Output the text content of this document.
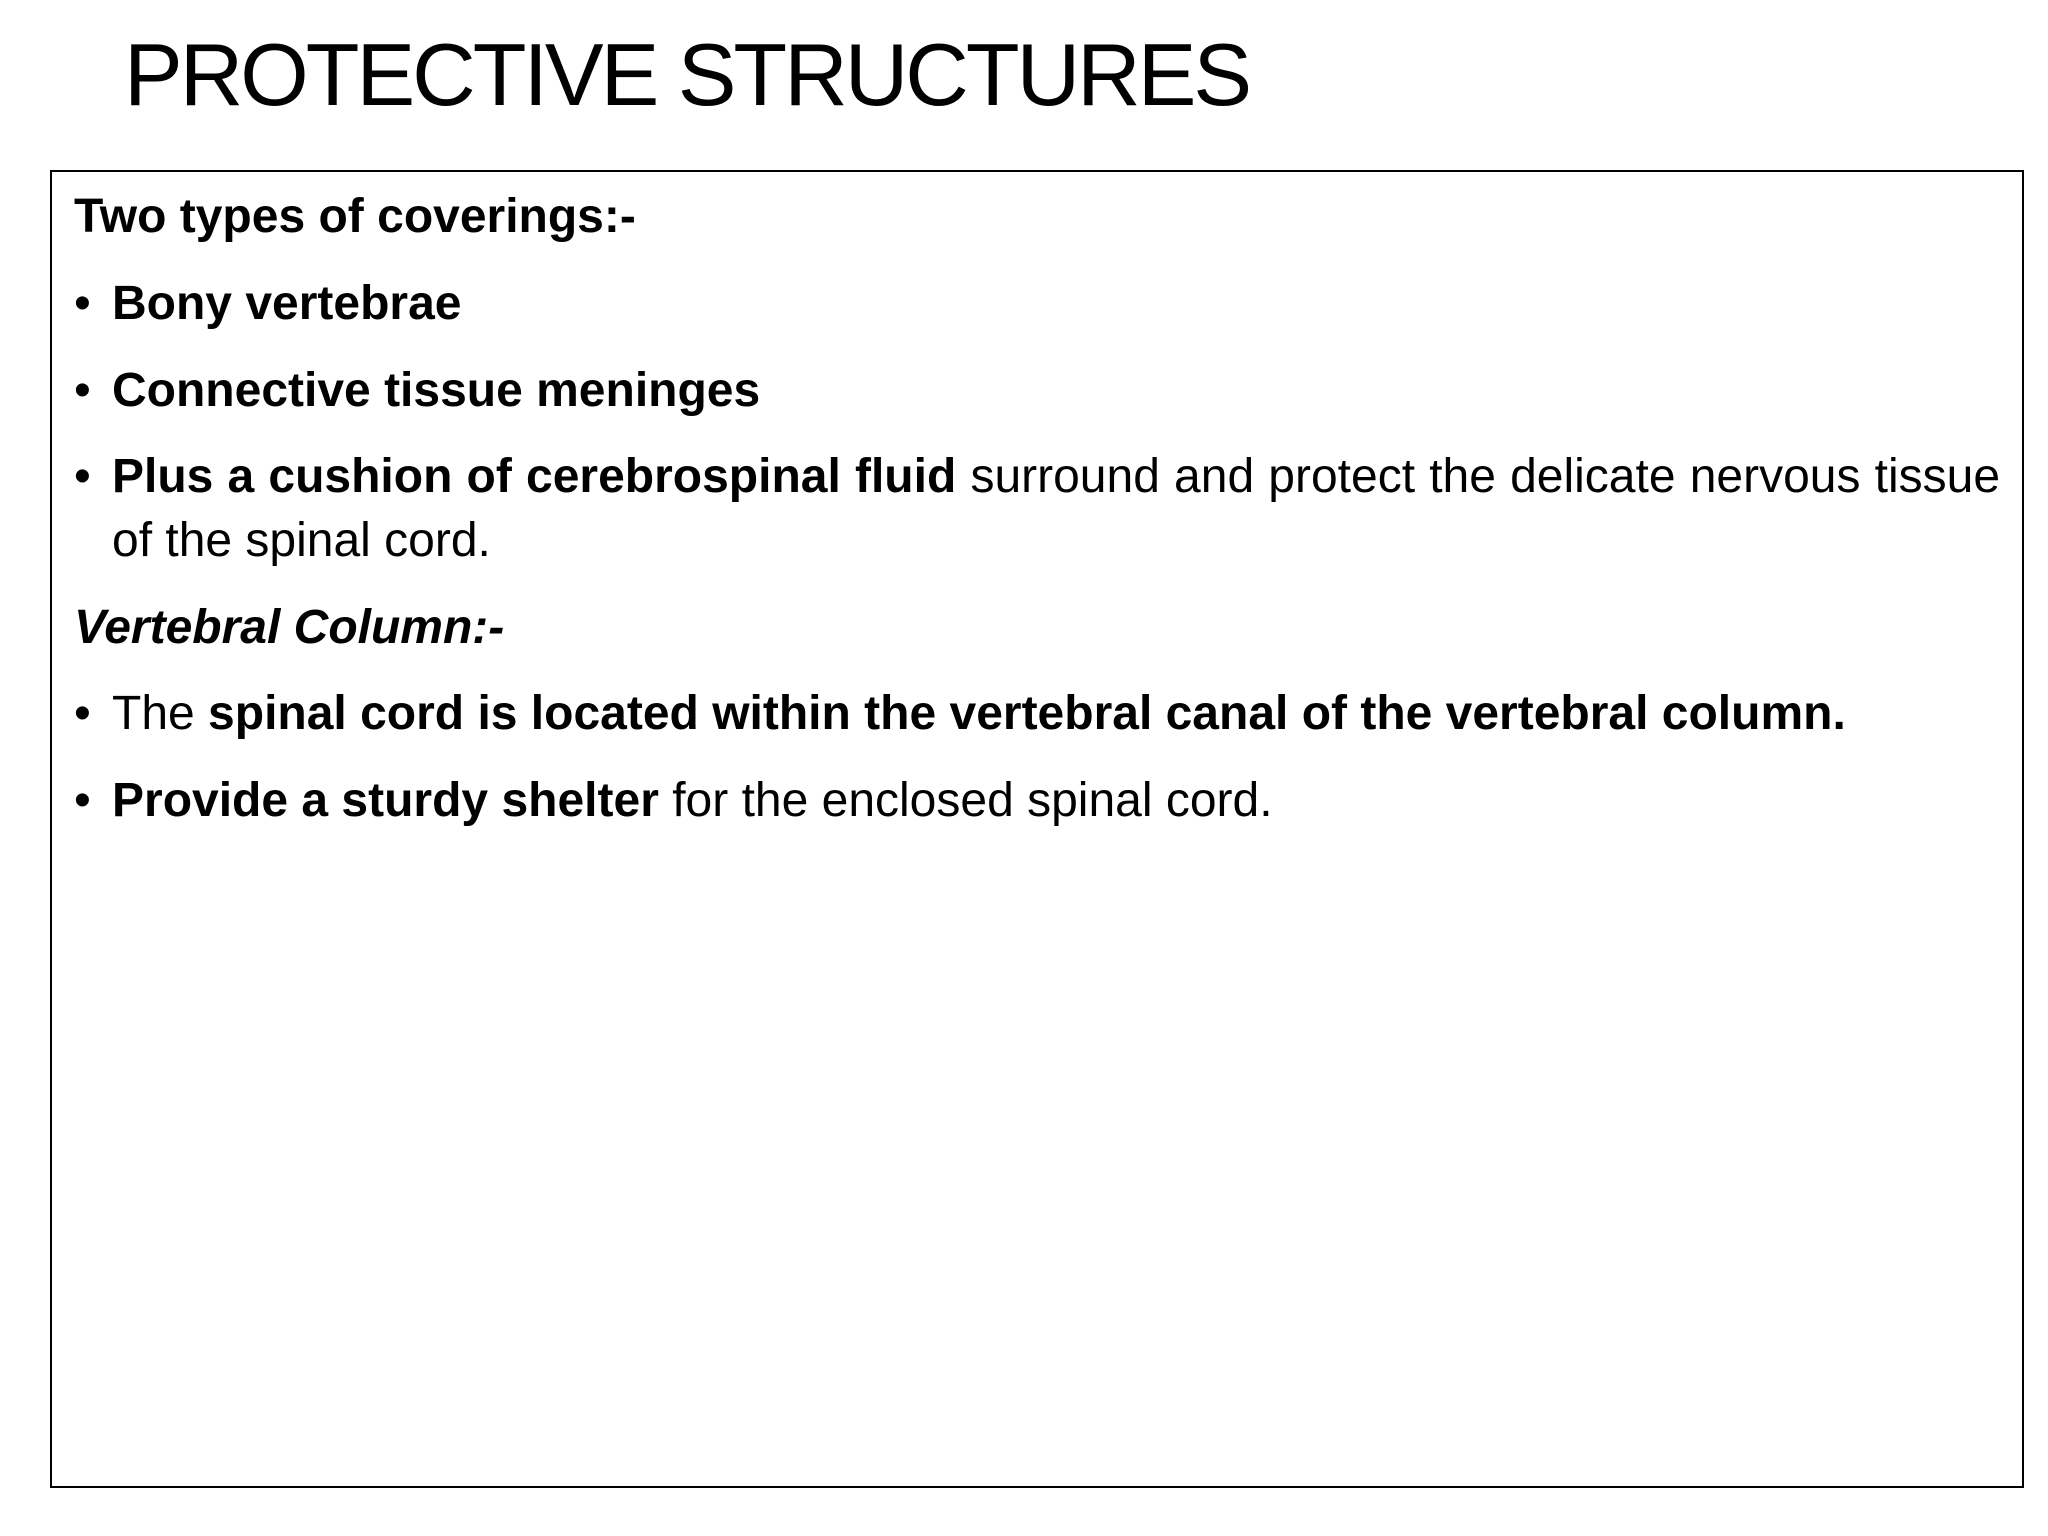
PROTECTIVE STRUCTURES

Two types of coverings:-

• Bony vertebrae

• Connective tissue meninges

• Plus a cushion of cerebrospinal fluid surround and protect the delicate nervous tissue of the spinal cord.

Vertebral Column:-

• The spinal cord is located within the vertebral canal of the vertebral column.

• Provide a sturdy shelter for the enclosed spinal cord.
